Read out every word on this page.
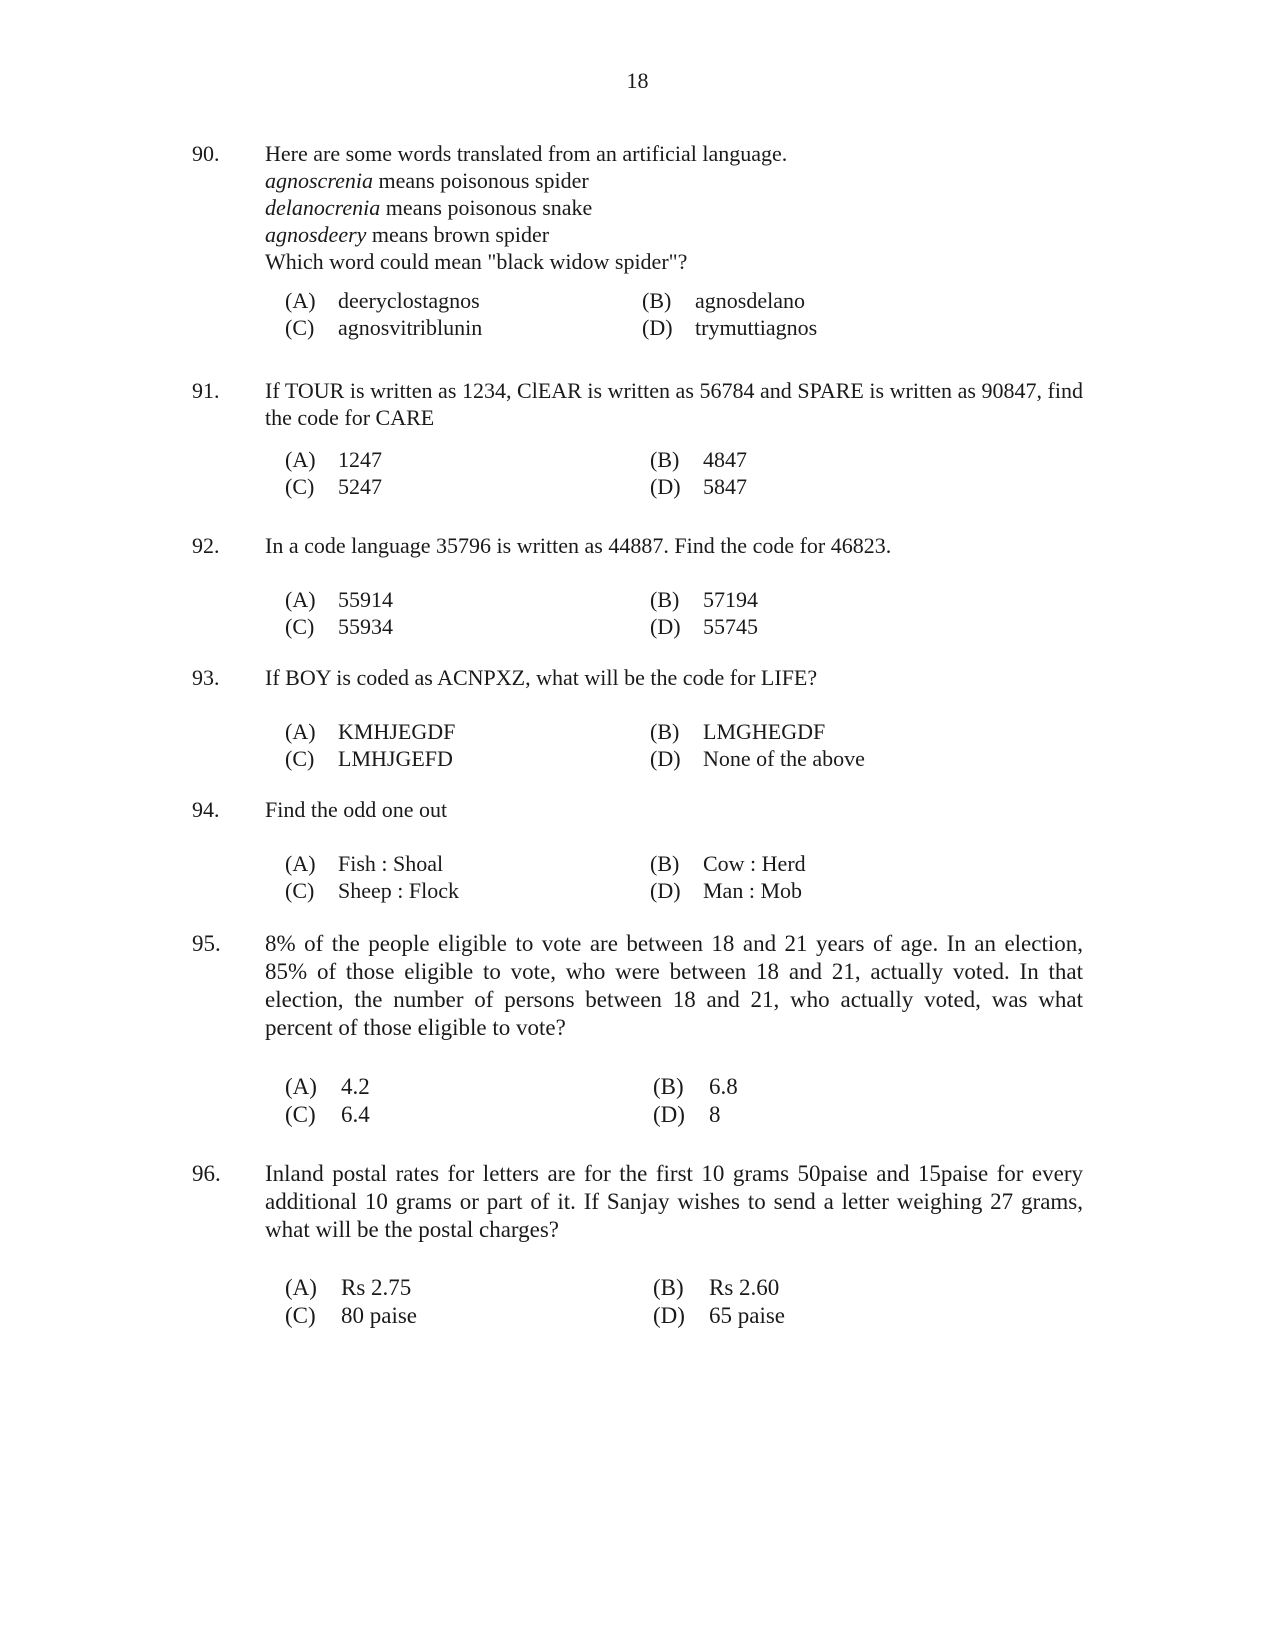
18
90. Here are some words translated from an artificial language.
agnoscrenia means poisonous spider
delanocrenia means poisonous snake
agnosdeery means brown spider
Which word could mean "black widow spider"?
(A) deeryclostagnos	(B) agnosdelano
(C) agnosvitriblunin	(D) trymuttiagnos
91. If TOUR is written as 1234, ClEAR is written as 56784 and SPARE is written as 90847, find the code for CARE
(A) 1247	(B) 4847
(C) 5247	(D) 5847
92. In a code language 35796 is written as 44887. Find the code for 46823.
(A) 55914	(B) 57194
(C) 55934	(D) 55745
93. If BOY is coded as ACNPXZ, what will be the code for LIFE?
(A) KMHJEGDF	(B) LMGHEGDF
(C) LMHJGEFD	(D) None of the above
94. Find the odd one out
(A) Fish : Shoal	(B) Cow : Herd
(C) Sheep : Flock	(D) Man : Mob
95. 8% of the people eligible to vote are between 18 and 21 years of age. In an election, 85% of those eligible to vote, who were between 18 and 21, actually voted. In that election, the number of persons between 18 and 21, who actually voted, was what percent of those eligible to vote?
(A) 4.2	(B) 6.8
(C) 6.4	(D) 8
96. Inland postal rates for letters are for the first 10 grams 50paise and 15paise for every additional 10 grams or part of it. If Sanjay wishes to send a letter weighing 27 grams, what will be the postal charges?
(A) Rs 2.75	(B) Rs 2.60
(C) 80 paise	(D) 65 paise
